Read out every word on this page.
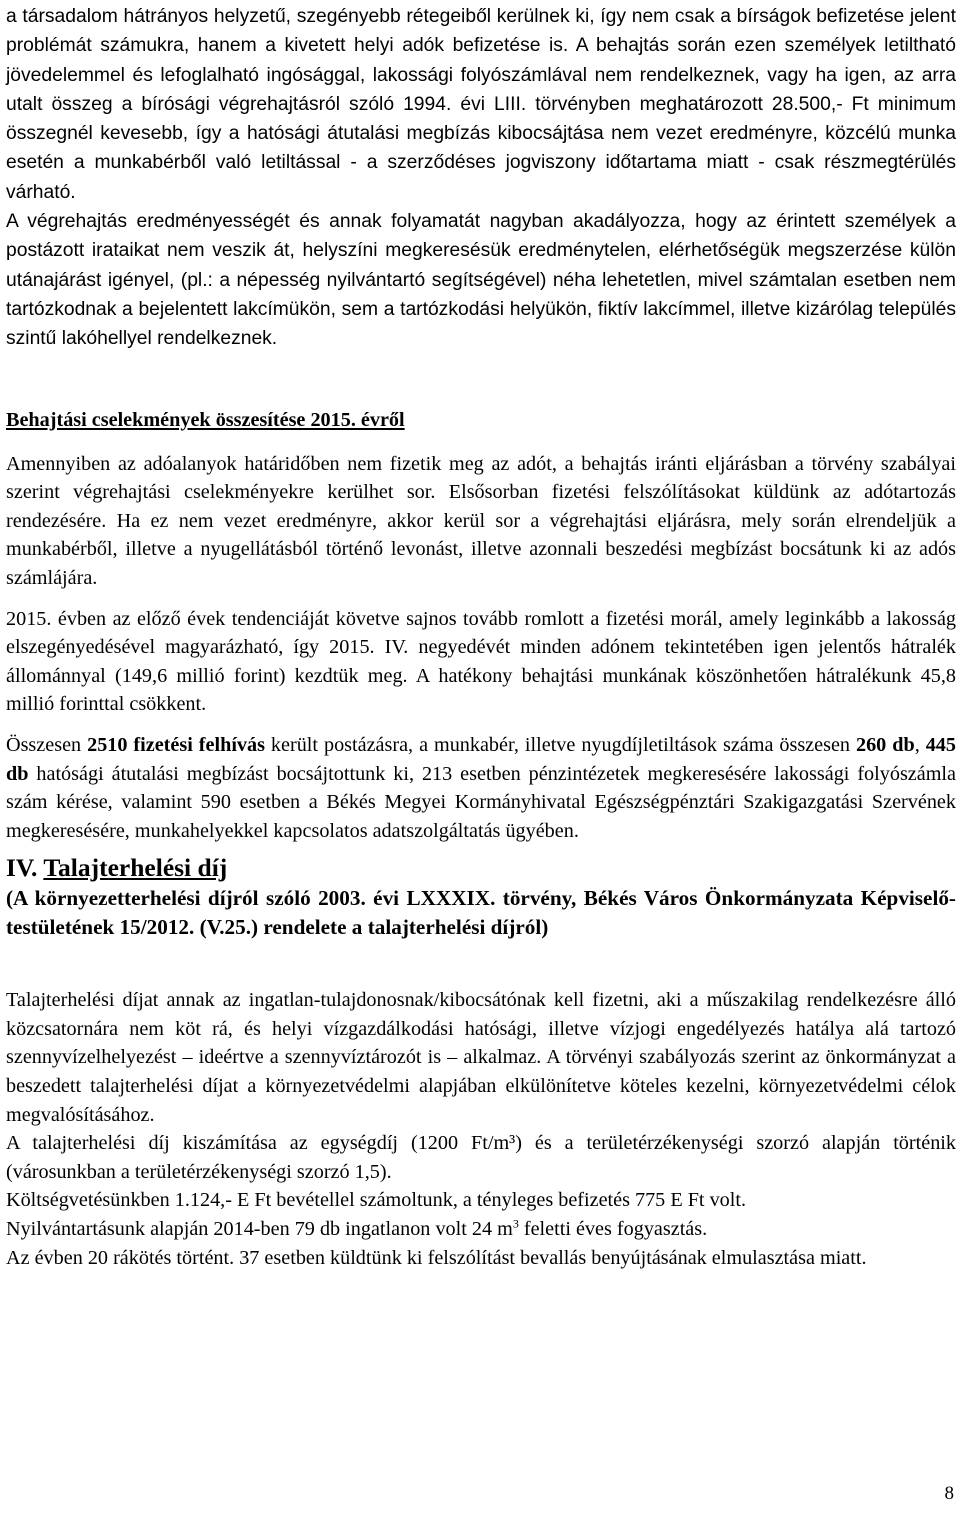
a társadalom hátrányos helyzetű, szegényebb rétegeiből kerülnek ki, így nem csak a bírságok befizetése jelent problémát számukra, hanem a kivetett helyi adók befizetése is. A behajtás során ezen személyek letiltható jövedelemmel és lefoglalható ingósággal, lakossági folyószámlával nem rendelkeznek, vagy ha igen, az arra utalt összeg a bírósági végrehajtásról szóló 1994. évi LIII. törvényben meghatározott 28.500,- Ft minimum összegnél kevesebb, így a hatósági átutalási megbízás kibocsájtása nem vezet eredményre, közcélú munka esetén a munkabérből való letiltással - a szerződéses jogviszony időtartama miatt - csak részmegtérülés várható.

A végrehajtás eredményességét és annak folyamatát nagyban akadályozza, hogy az érintett személyek a postázott irataikat nem veszik át, helyszíni megkeresésük eredménytelen, elérhetőségük megszerzése külön utánajárást igényel, (pl.: a népesség nyilvántartó segítségével) néha lehetetlen, mivel számtalan esetben nem tartózkodnak a bejelentett lakcímükön, sem a tartózkodási helyükön, fiktív lakcímmel, illetve kizárólag település szintű lakóhellyel rendelkeznek.

Behajtási cselekmények összesítése 2015. évről

Amennyiben az adóalanyok határidőben nem fizetik meg az adót, a behajtás iránti eljárásban a törvény szabályai szerint végrehajtási cselekményekre kerülhet sor. Elsősorban fizetési felszólításokat küldünk az adótartozás rendezésére. Ha ez nem vezet eredményre, akkor kerül sor a végrehajtási eljárásra, mely során elrendeljük a munkabérből, illetve a nyugellátásból történő levonást, illetve azonnali beszedési megbízást bocsátunk ki az adós számlájára.

2015. évben az előző évek tendenciáját követve sajnos tovább romlott a fizetési morál, amely leginkább a lakosság elszegényedésével magyarázható, így 2015. IV. negyedévét minden adónem tekintetében igen jelentős hátralék állománnyal (149,6 millió forint) kezdtük meg. A hatékony behajtási munkának köszönhetően hátralékunk 45,8 millió forinttal csökkent.

Összesen 2510 fizetési felhívás került postázásra, a munkabér, illetve nyugdíjletiltások száma összesen 260 db, 445 db hatósági átutalási megbízást bocsájtottunk ki, 213 esetben pénzintézetek megkeresésére lakossági folyószámla szám kérése, valamint 590 esetben a Békés Megyei Kormányhivatal Egészségpénztári Szakigazgatási Szervének megkeresésére, munkahelyekkel kapcsolatos adatszolgáltatás ügyében.

IV. Talajterhelési díj

(A környezetterhelési díjról szóló 2003. évi LXXXIX. törvény, Békés Város Önkormányzata Képviselő-testületének 15/2012. (V.25.) rendelete a talajterhelési díjról)

Talajterhelési díjat annak az ingatlan-tulajdonosnak/kibocsátónak kell fizetni, aki a műszakilag rendelkezésre álló közcsatornára nem köt rá, és helyi vízgazdálkodási hatósági, illetve vízjogi engedélyezés hatálya alá tartozó szennyvízelhelyezést – ideértve a szennyvíztározót is – alkalmaz. A törvényi szabályozás szerint az önkormányzat a beszedett talajterhelési díjat a környezetvédelmi alapjában elkülönítetve köteles kezelni, környezetvédelmi célok megvalósításához.

A talajterhelési díj kiszámítása az egységdíj (1200 Ft/m³) és a területérzékenységi szorzó alapján történik (városunkban a területérzékenységi szorzó 1,5).

Költségvetésünkben 1.124,- E Ft bevétellel számoltunk, a tényleges befizetés 775 E Ft volt.

Nyilvántartásunk alapján 2014-ben 79 db ingatlanon volt 24 $m^3$ feletti éves fogyasztás.

Az évben 20 rákötés történt. 37 esetben küldtünk ki felszólítást bevallás benyújtásának elmulasztása miatt.

8
